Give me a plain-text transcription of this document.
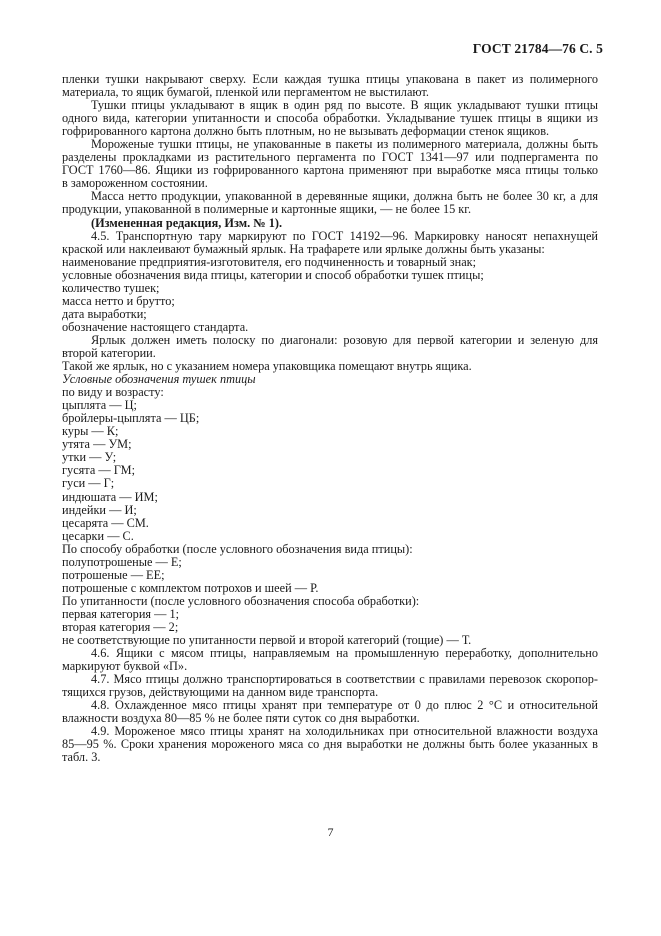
ГОСТ 21784—76 С. 5

пленки тушки накрывают сверху. Если каждая тушка птицы упакована в пакет из полимерного

материала, то ящик бумагой, пленкой или пергаментом не выстилают.

Тушки птицы укладывают в ящик в один ряд по высоте. В ящик укладывают тушки птицы

одного вида, категории упитанности и способа обработки. Укладывание тушек птицы в ящики из

гофрированного картона должно быть плотным, но не вызывать деформации стенок ящиков.

Мороженые тушки птицы, не упакованные в пакеты из полимерного материала, должны быть

разделены прокладками из растительного пергамента по ГОСТ 1341—97 или подпергамента по

ГОСТ 1760—86. Ящики из гофрированного картона применяют при выработке мяса птицы только

в замороженном состоянии.

Масса нетто продукции, упакованной в деревянные ящики, должна быть не более 30 кг, а для

продукции, упакованной в полимерные и картонные ящики, — не более 15 кг.

(Измененная редакция, Изм. № 1).

4.5. Транспортную тару маркируют по ГОСТ 14192—96. Маркировку наносят непахнущей

краской или наклеивают бумажный ярлык. На трафарете или ярлыке должны быть указаны:

наименование предприятия-изготовителя, его подчиненность и товарный знак;

условные обозначения вида птицы, категории и способ обработки тушек птицы;

количество тушек;

масса нетто и брутто;

дата выработки;

обозначение настоящего стандарта.

Ярлык должен иметь полоску по диагонали: розовую для первой категории и зеленую для

второй категории.

Такой же ярлык, но с указанием номера упаковщика помещают внутрь ящика.

Условные обозначения тушек птицы

по виду и возрасту:

цыплята — Ц;

бройлеры-цыплята — ЦБ;

куры — К;

утята — УМ;

утки — У;

гусята — ГМ;

гуси — Г;

индюшата — ИМ;

индейки — И;

цесарята — СМ.

цесарки — С.

По способу обработки (после условного обозначения вида птицы):

полупотрошеные — Е;

потрошеные — ЕЕ;

потрошеные с комплектом потрохов и шеей — Р.

По упитанности (после условного обозначения способа обработки):

первая категория — 1;

вторая категория — 2;

не соответствующие по упитанности первой и второй категорий (тощие) — Т.

4.6. Ящики с мясом птицы, направляемым на промышленную переработку, дополнительно

маркируют буквой «П».

4.7. Мясо птицы должно транспортироваться в соответствии с правилами перевозок скоропор-

тящихся грузов, действующими на данном виде транспорта.

4.8. Охлажденное мясо птицы хранят при температуре от 0 до плюс 2 °С и относительной

влажности воздуха 80—85 % не более пяти суток со дня выработки.

4.9. Мороженое мясо птицы хранят на холодильниках при относительной влажности воздуха

85—95 %. Сроки хранения мороженого мяса со дня выработки не должны быть более указанных в

табл. 3.

7
